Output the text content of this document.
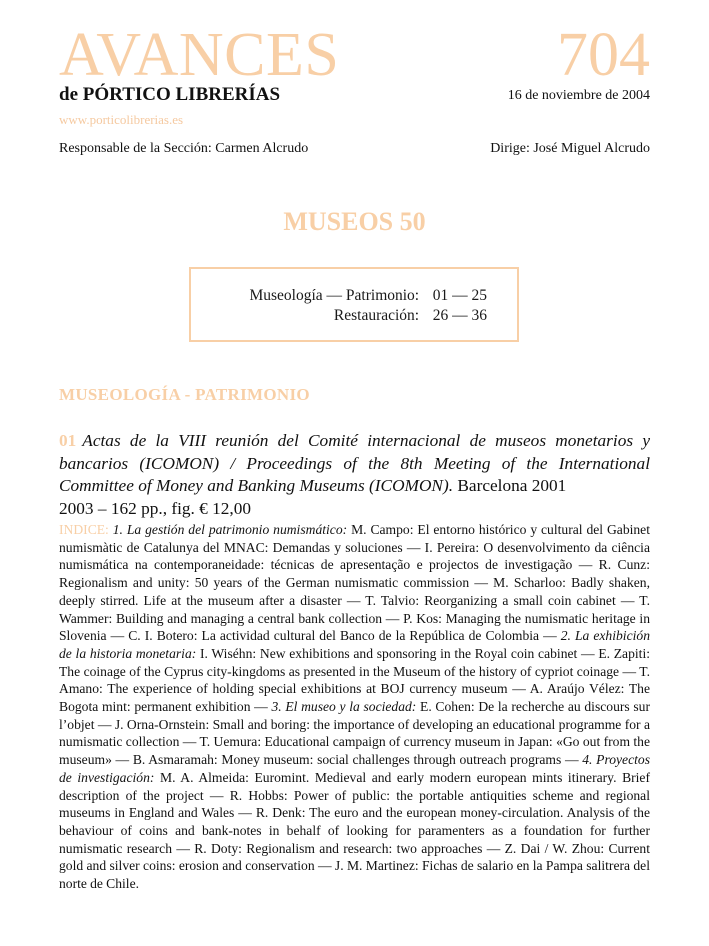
AVANCES	704
de PÓRTICO LIBRERÍAS	16 de noviembre de 2004
www.porticolibrerias.es
Responsable de la Sección: Carmen Alcrudo	Dirige: José Miguel Alcrudo
MUSEOS 50
Museología — Patrimonio: 01 — 25
Restauración: 26 — 36
MUSEOLOGÍA - PATRIMONIO
01 Actas de la VIII reunión del Comité internacional de museos monetarios y bancarios (ICOMON) / Proceedings of the 8th Meeting of the International Committee of Money and Banking Museums (ICOMON). Barcelona 2001
2003 – 162 pp., fig. € 12,00
INDICE: 1. La gestión del patrimonio numismático: M. Campo: El entorno histórico y cultural del Gabinet numismàtic de Catalunya del MNAC: Demandas y soluciones — I. Pereira: O desenvolvimento da ciência numismática na contemporaneidade: técnicas de apresentação e projectos de investigação — R. Cunz: Regionalism and unity: 50 years of the German numismatic commission — M. Scharloo: Badly shaken, deeply stirred. Life at the museum after a disaster — T. Talvio: Reorganizing a small coin cabinet — T. Wammer: Building and managing a central bank collection — P. Kos: Managing the numismatic heritage in Slovenia — C. I. Botero: La actividad cultural del Banco de la República de Colombia — 2. La exhibición de la historia monetaria: I. Wiséhn: New exhibitions and sponsoring in the Royal coin cabinet — E. Zapiti: The coinage of the Cyprus city-kingdoms as presented in the Museum of the history of cypriot coinage — T. Amano: The experience of holding special exhibitions at BOJ currency museum — A. Araújo Vélez: The Bogota mint: permanent exhibition — 3. El museo y la sociedad: E. Cohen: De la recherche au discours sur l’objet — J. Orna-Ornstein: Small and boring: the importance of developing an educational programme for a numismatic collection — T. Uemura: Educational campaign of currency museum in Japan: «Go out from the museum» — B. Asmaramah: Money museum: social challenges through outreach programs — 4. Proyectos de investigación: M. A. Almeida: Euromint. Medieval and early modern european mints itinerary. Brief description of the project — R. Hobbs: Power of public: the portable antiquities scheme and regional museums in England and Wales — R. Denk: The euro and the european money-circulation. Analysis of the behaviour of coins and bank-notes in behalf of looking for paramenters as a foundation for further numismatic research — R. Doty: Regionalism and research: two approaches — Z. Dai / W. Zhou: Current gold and silver coins: erosion and conservation — J. M. Martinez: Fichas de salario en la Pampa salitrera del norte de Chile.
